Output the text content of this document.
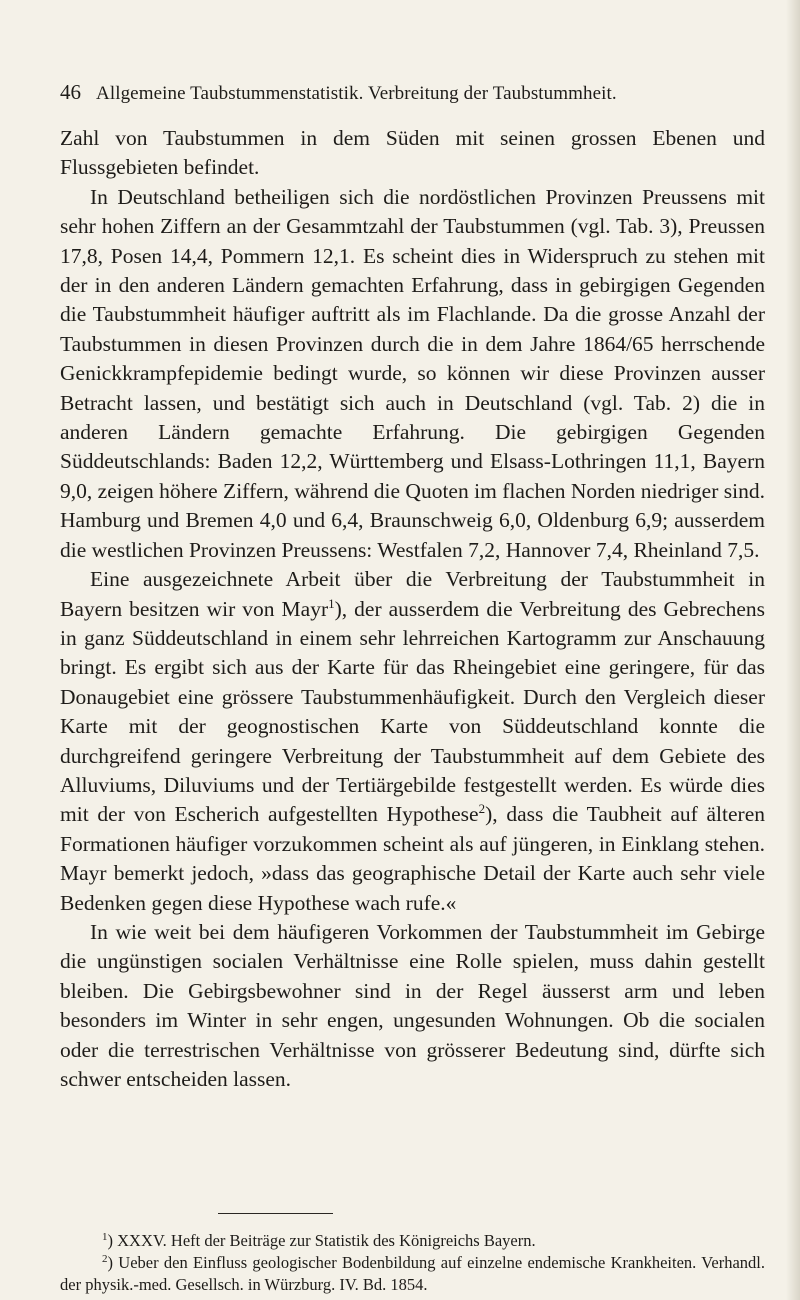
46 Allgemeine Taubstummenstatistik. Verbreitung der Taubstummheit.

Zahl von Taubstummen in dem Süden mit seinen grossen Ebenen und Flussgebieten befindet.

In Deutschland betheiligen sich die nordöstlichen Provinzen Preussens mit sehr hohen Ziffern an der Gesammtzahl der Taubstummen (vgl. Tab. 3), Preussen 17,8, Posen 14,4, Pommern 12,1. Es scheint dies in Widerspruch zu stehen mit der in den anderen Ländern gemachten Erfahrung, dass in gebirgigen Gegenden die Taubstummheit häufiger auftritt als im Flachlande. Da die grosse Anzahl der Taubstummen in diesen Provinzen durch die in dem Jahre 1864/65 herrschende Genickkrampfepidemie bedingt wurde, so können wir diese Provinzen ausser Betracht lassen, und bestätigt sich auch in Deutschland (vgl. Tab. 2) die in anderen Ländern gemachte Erfahrung. Die gebirgigen Gegenden Süddeutschlands: Baden 12,2, Württemberg und Elsass-Lothringen 11,1, Bayern 9,0, zeigen höhere Ziffern, während die Quoten im flachen Norden niedriger sind. Hamburg und Bremen 4,0 und 6,4, Braunschweig 6,0, Oldenburg 6,9; ausserdem die westlichen Provinzen Preussens: Westfalen 7,2, Hannover 7,4, Rheinland 7,5.

Eine ausgezeichnete Arbeit über die Verbreitung der Taubstummheit in Bayern besitzen wir von Mayr$^1$), der ausserdem die Verbreitung des Gebrechens in ganz Süddeutschland in einem sehr lehrreichen Kartogramm zur Anschauung bringt. Es ergibt sich aus der Karte für das Rheingebiet eine geringere, für das Donaugebiet eine grössere Taubstummenhäufigkeit. Durch den Vergleich dieser Karte mit der geognostischen Karte von Süddeutschland konnte die durchgreifend geringere Verbreitung der Taubstummheit auf dem Gebiete des Alluviums, Diluviums und der Tertiärgebilde festgestellt werden. Es würde dies mit der von Escherich aufgestellten Hypothese$^2$), dass die Taubheit auf älteren Formationen häufiger vorzukommen scheint als auf jüngeren, in Einklang stehen. Mayr bemerkt jedoch, »dass das geographische Detail der Karte auch sehr viele Bedenken gegen diese Hypothese wach rufe.«

In wie weit bei dem häufigeren Vorkommen der Taubstummheit im Gebirge die ungünstigen socialen Verhältnisse eine Rolle spielen, muss dahin gestellt bleiben. Die Gebirgsbewohner sind in der Regel äusserst arm und leben besonders im Winter in sehr engen, ungesunden Wohnungen. Ob die socialen oder die terrestrischen Verhältnisse von grösserer Bedeutung sind, dürfte sich schwer entscheiden lassen.

$^1$) XXXV. Heft der Beiträge zur Statistik des Königreichs Bayern.

$^2$) Ueber den Einfluss geologischer Bodenbildung auf einzelne endemische Krankheiten. Verhandl. der physik.-med. Gesellsch. in Würzburg. IV. Bd. 1854.
